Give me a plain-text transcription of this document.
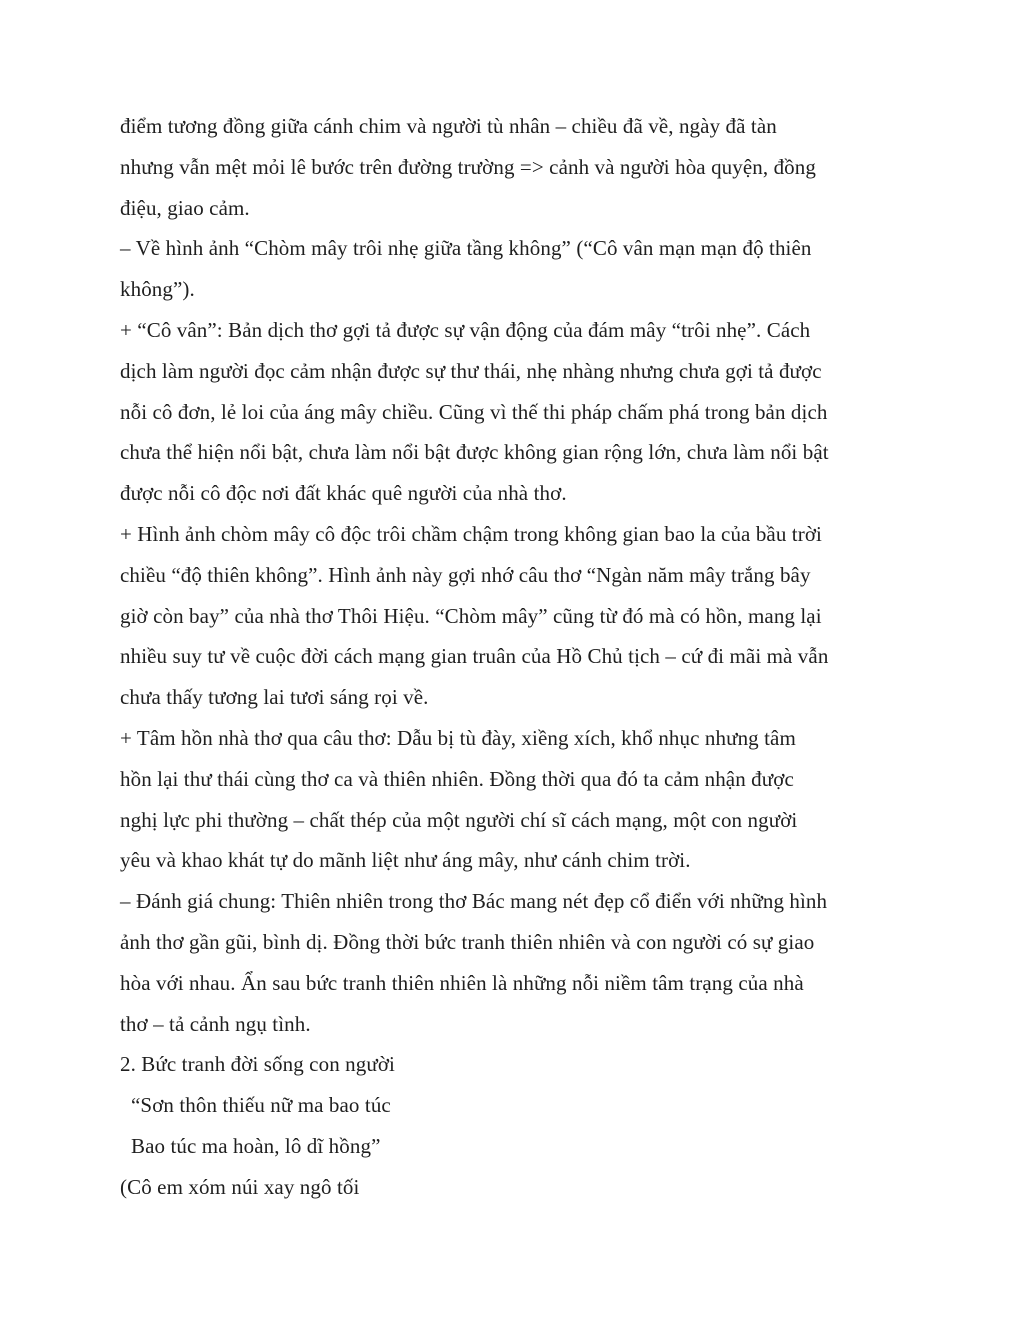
điểm tương đồng giữa cánh chim và người tù nhân – chiều đã về, ngày đã tàn
nhưng vẫn mệt mỏi lê bước trên đường trường => cảnh và người hòa quyện, đồng
điệu, giao cảm.
– Về hình ảnh “Chòm mây trôi nhẹ giữa tầng không” (“Cô vân mạn mạn độ thiên
không”).
+ “Cô vân”: Bản dịch thơ gợi tả được sự vận động của đám mây “trôi nhẹ”. Cách
dịch làm người đọc cảm nhận được sự thư thái, nhẹ nhàng nhưng chưa gợi tả được
nỗi cô đơn, lẻ loi của áng mây chiều. Cũng vì thế thi pháp chấm phá trong bản dịch
chưa thể hiện nổi bật, chưa làm nổi bật được không gian rộng lớn, chưa làm nổi bật
được nỗi cô độc nơi đất khác quê người của nhà thơ.
+ Hình ảnh chòm mây cô độc trôi chầm chậm trong không gian bao la của bầu trời
chiều “độ thiên không”. Hình ảnh này gợi nhớ câu thơ “Ngàn năm mây trắng bây
giờ còn bay” của nhà thơ Thôi Hiệu. “Chòm mây” cũng từ đó mà có hồn, mang lại
nhiều suy tư về cuộc đời cách mạng gian truân của Hồ Chủ tịch – cứ đi mãi mà vẫn
chưa thấy tương lai tươi sáng rọi về.
+ Tâm hồn nhà thơ qua câu thơ: Dẫu bị tù đày, xiềng xích, khổ nhục nhưng tâm
hồn lại thư thái cùng thơ ca và thiên nhiên. Đồng thời qua đó ta cảm nhận được
nghị lực phi thường – chất thép của một người chí sĩ cách mạng, một con người
yêu và khao khát tự do mãnh liệt như áng mây, như cánh chim trời.
– Đánh giá chung: Thiên nhiên trong thơ Bác mang nét đẹp cổ điển với những hình
ảnh thơ gần gũi, bình dị. Đồng thời bức tranh thiên nhiên và con người có sự giao
hòa với nhau. Ẩn sau bức tranh thiên nhiên là những nỗi niềm tâm trạng của nhà
thơ – tả cảnh ngụ tình.
2. Bức tranh đời sống con người
“Sơn thôn thiếu nữ ma bao túc
Bao túc ma hoàn, lô dĩ hồng”
(Cô em xóm núi xay ngô tối
